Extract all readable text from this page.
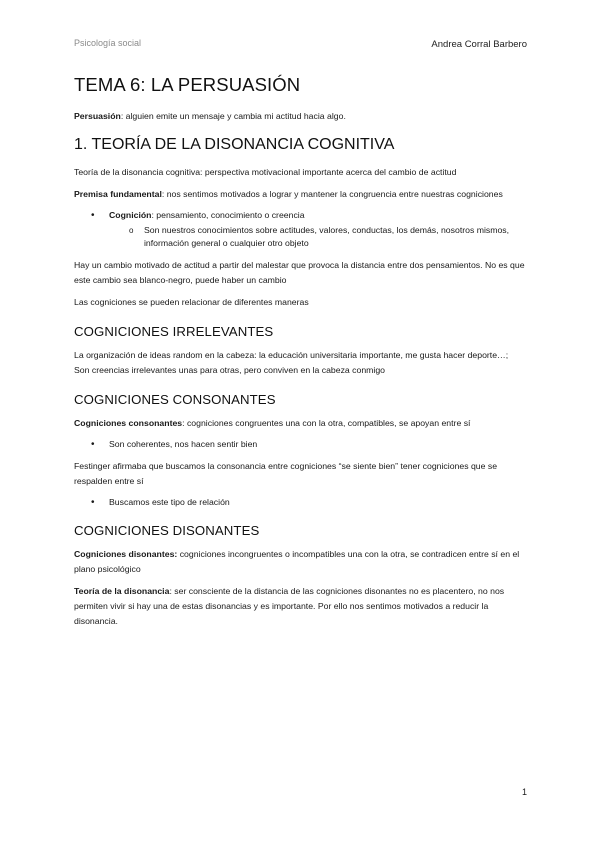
Psicología social	Andrea Corral Barbero
TEMA 6: LA PERSUASIÓN

Persuasión: alguien emite un mensaje y cambia mi actitud hacia algo.

1. TEORÍA DE LA DISONANCIA COGNITIVA

Teoría de la disonancia cognitiva: perspectiva motivacional importante acerca del cambio de actitud

Premisa fundamental: nos sentimos motivados a lograr y mantener la congruencia entre nuestras cogniciones

• Cognición: pensamiento, conocimiento o creencia
o Son nuestros conocimientos sobre actitudes, valores, conductas, los demás, nosotros mismos, información general o cualquier otro objeto

Hay un cambio motivado de actitud a partir del malestar que provoca la distancia entre dos pensamientos. No es que este cambio sea blanco-negro, puede haber un cambio

Las cogniciones se pueden relacionar de diferentes maneras

COGNICIONES IRRELEVANTES

La organización de ideas random en la cabeza: la educación universitaria importante, me gusta hacer deporte…; Son creencias irrelevantes unas para otras, pero conviven en la cabeza conmigo

COGNICIONES CONSONANTES

Cogniciones consonantes: cogniciones congruentes una con la otra, compatibles, se apoyan entre sí

• Son coherentes, nos hacen sentir bien

Festinger afirmaba que buscamos la consonancia entre cogniciones “se siente bien” tener cogniciones que se respalden entre sí

• Buscamos este tipo de relación
COGNICIONES DISONANTES

Cogniciones disonantes: cogniciones incongruentes o incompatibles una con la otra, se contradicen entre sí en el plano psicológico

Teoría de la disonancia: ser consciente de la distancia de las cogniciones disonantes no es placentero, no nos permiten vivir si hay una de estas disonancias y es importante. Por ello nos sentimos motivados a reducir la disonancia.

1
